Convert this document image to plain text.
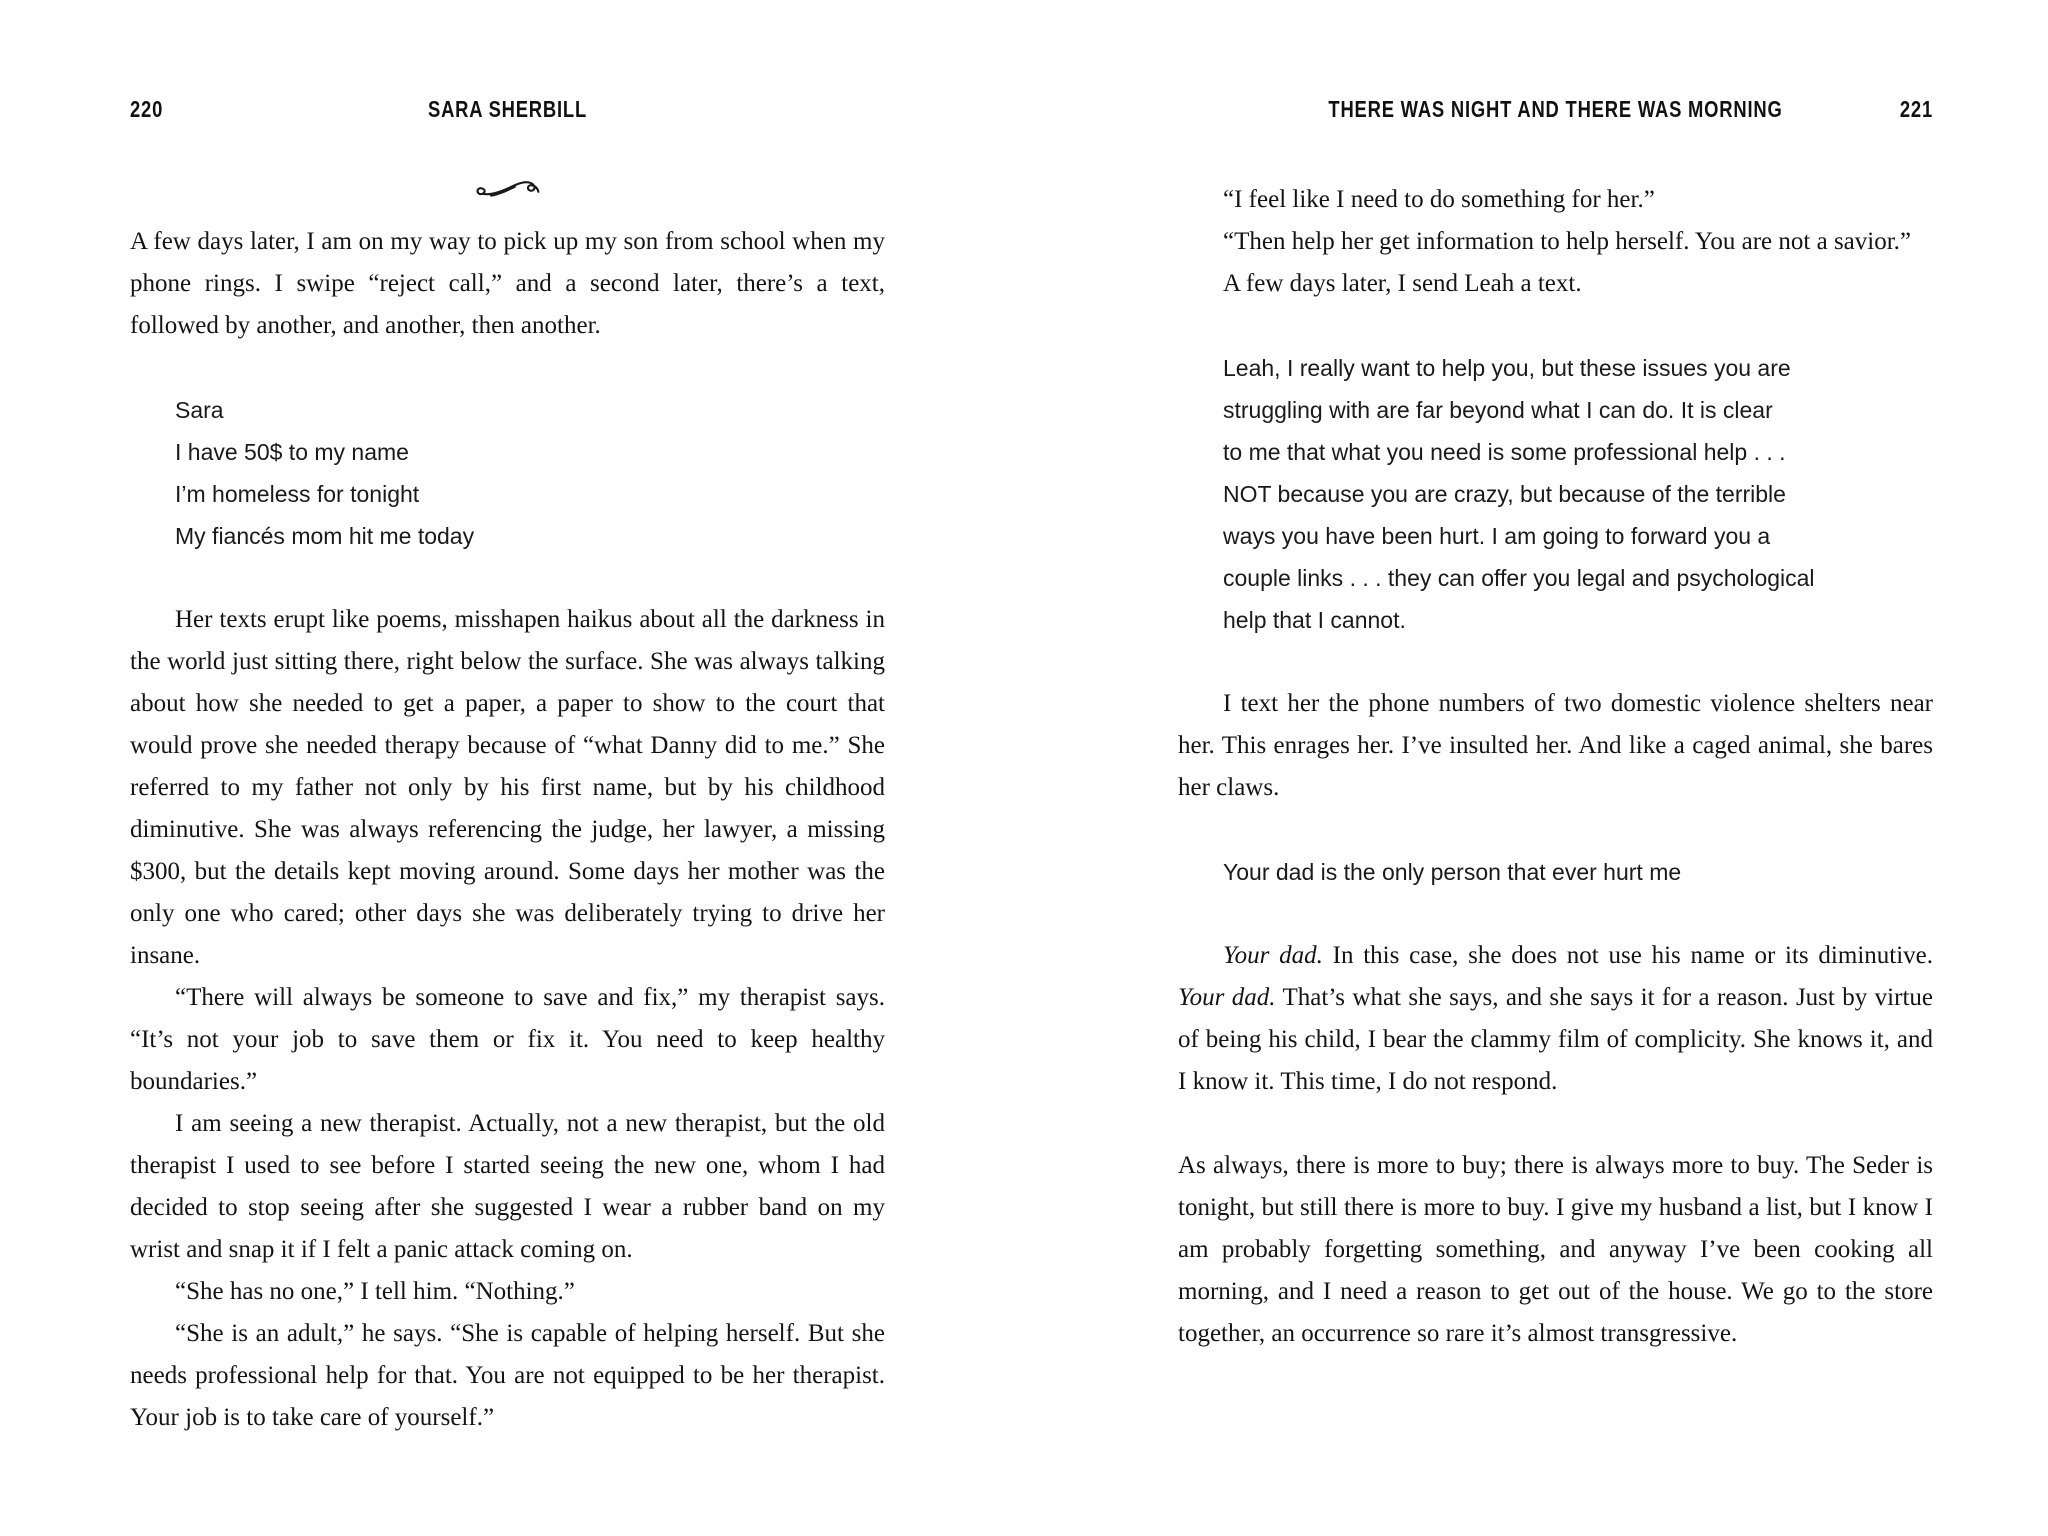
220	SARA SHERBILL	THERE WAS NIGHT AND THERE WAS MORNING	221

A few days later, I am on my way to pick up my son from school when my phone rings. I swipe “reject call,” and a second later, there’s a text, followed by another, and another, then another.

Sara
I have 50$ to my name
I’m homeless for tonight
My fiancés mom hit me today

Her texts erupt like poems, misshapen haikus about all the darkness in the world just sitting there, right below the surface. She was always talking about how she needed to get a paper, a paper to show to the court that would prove she needed therapy because of “what Danny did to me.” She referred to my father not only by his first name, but by his childhood diminutive. She was always referencing the judge, her lawyer, a missing $300, but the details kept moving around. Some days her mother was the only one who cared; other days she was deliberately trying to drive her insane.

“There will always be someone to save and fix,” my therapist says. “It’s not your job to save them or fix it. You need to keep healthy boundaries.”

I am seeing a new therapist. Actually, not a new therapist, but the old therapist I used to see before I started seeing the new one, whom I had decided to stop seeing after she suggested I wear a rubber band on my wrist and snap it if I felt a panic attack coming on.

“She has no one,” I tell him. “Nothing.”

“She is an adult,” he says. “She is capable of helping herself. But she needs professional help for that. You are not equipped to be her therapist. Your job is to take care of yourself.”

“I feel like I need to do something for her.”

“Then help her get information to help herself. You are not a savior.”

A few days later, I send Leah a text.

Leah, I really want to help you, but these issues you are
struggling with are far beyond what I can do. It is clear
to me that what you need is some professional help . . .
NOT because you are crazy, but because of the terrible
ways you have been hurt. I am going to forward you a
couple links . . . they can offer you legal and psychological
help that I cannot.

I text her the phone numbers of two domestic violence shelters near her. This enrages her. I’ve insulted her. And like a caged animal, she bares her claws.

Your dad is the only person that ever hurt me

Your dad. In this case, she does not use his name or its diminutive. Your dad. That’s what she says, and she says it for a reason. Just by virtue of being his child, I bear the clammy film of complicity. She knows it, and I know it. This time, I do not respond.

As always, there is more to buy; there is always more to buy. The Seder is tonight, but still there is more to buy. I give my husband a list, but I know I am probably forgetting something, and anyway I’ve been cooking all morning, and I need a reason to get out of the house. We go to the store together, an occurrence so rare it’s almost transgressive.
